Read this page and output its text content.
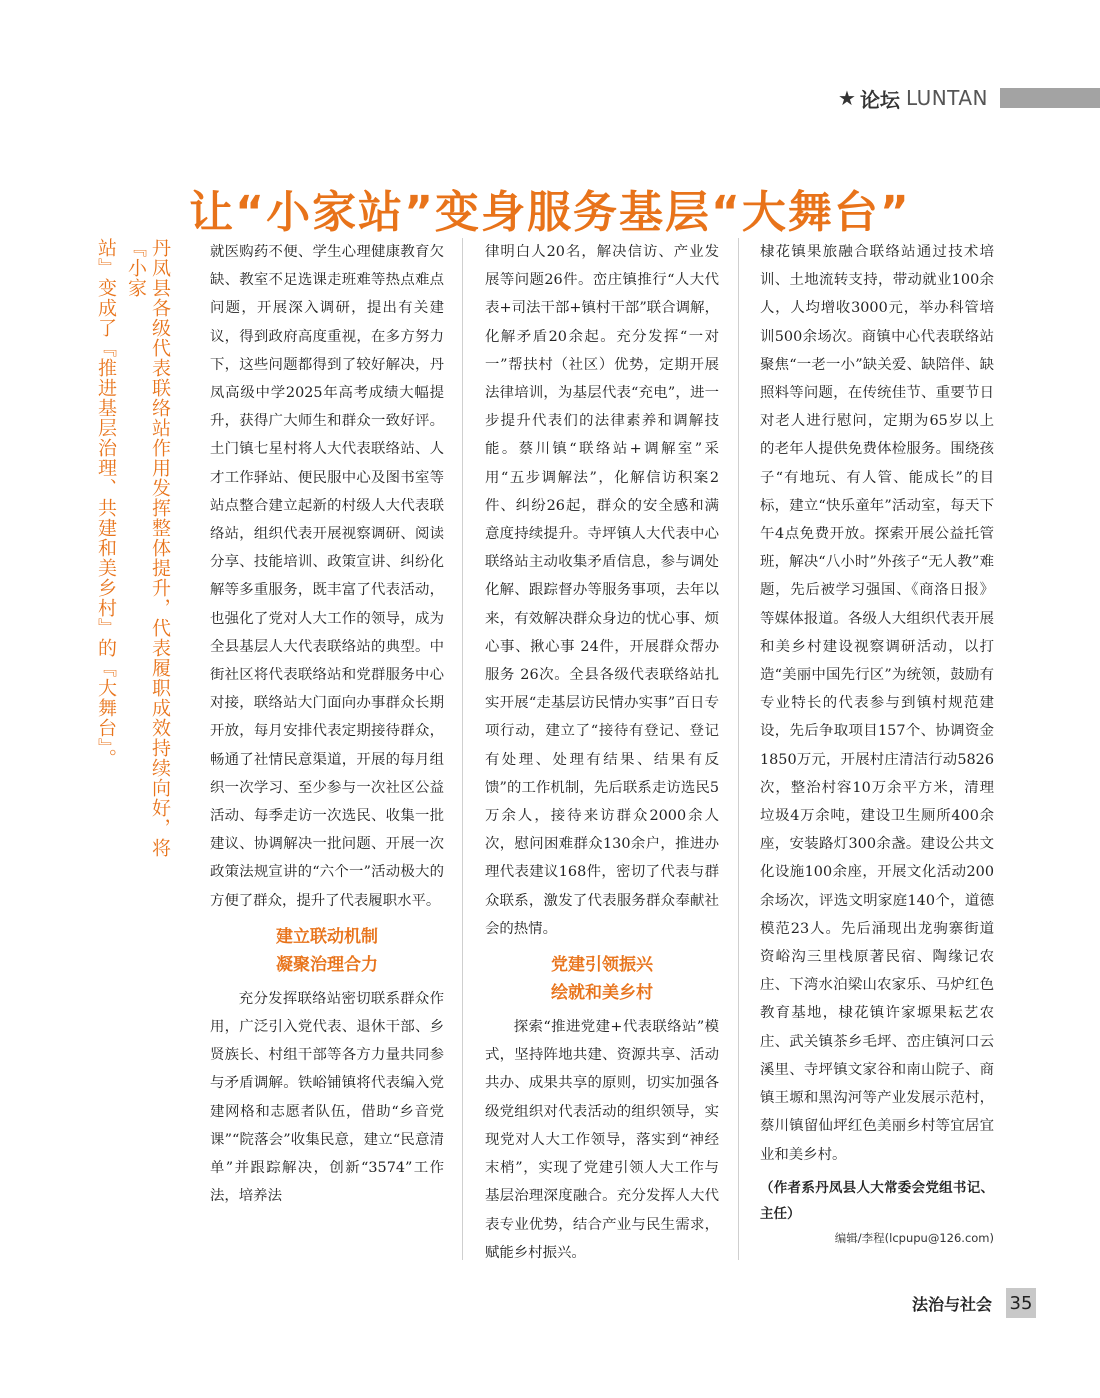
★ 论坛 LUNTAN
让“小家站”变身服务基层“大舞台”
丹凤县各级代表联络站作用发挥整体提升，代表履职成效持续向好，将『小家
站』变成了『推进基层治理、共建和美乡村』的『大舞台』。	就医购药不便、学生心理健康教育欠缺、教室不足选课走班难等热点难点问题，开展深入调研，提出有关建议，得到政府高度重视，在多方努力下，这些问题都得到了较好解决，丹凤高级中学2025年高考成绩大幅提升，获得广大师生和群众一致好评。土门镇七星村将人大代表联络站、人才工作驿站、便民服中心及图书室等站点整合建立起新的村级人大代表联络站，组织代表开展视察调研、阅读分享、技能培训、政策宣讲、纠纷化解等多重服务，既丰富了代表活动，也强化了党对人大工作的领导，成为全县基层人大代表联络站的典型。中街社区将代表联络站和党群服务中心对接，联络站大门面向办事群众长期开放，每月安排代表定期接待群众，畅通了社情民意渠道，开展的每月组织一次学习、至少参与一次社区公益活动、每季走访一次选民、收集一批建议、协调解决一批问题、开展一次政策法规宣讲的“六个一”活动极大的方便了群众，提升了代表履职水平。

建立联动机制
凝聚治理合力

充分发挥联络站密切联系群众作用，广泛引入党代表、退休干部、乡贤族长、村组干部等各方力量共同参与矛盾调解。铁峪铺镇将代表编入党建网格和志愿者队伍，借助“乡音党课”“院落会”收集民意，建立“民意清单”并跟踪解决，创新“3574”工作法，培养法

律明白人20名，解决信访、产业发展等问题26件。峦庄镇推行“人大代表+司法干部+镇村干部”联合调解，化解矛盾20余起。充分发挥“一对一”帮扶村（社区）优势，定期开展法律培训，为基层代表“充电”，进一步提升代表们的法律素养和调解技能。蔡川镇“联络站+调解室”采用“五步调解法”，化解信访积案2件、纠纷26起，群众的安全感和满意度持续提升。寺坪镇人大代表中心联络站主动收集矛盾信息，参与调处化解、跟踪督办等服务事项，去年以来，有效解决群众身边的忧心事、烦心事、揪心事 24件，开展群众帮办服务 26次。全县各级代表联络站扎实开展“走基层访民情办实事”百日专项行动，建立了“接待有登记、登记有处理、处理有结果、结果有反馈”的工作机制，先后联系走访选民5万余人，接待来访群众2000余人次，慰问困难群众130余户，推进办理代表建议168件，密切了代表与群众联系，激发了代表服务群众奉献社会的热情。

党建引领振兴
绘就和美乡村

探索“推进党建+代表联络站”模式，坚持阵地共建、资源共享、活动共办、成果共享的原则，切实加强各级党组织对代表活动的组织领导，实现党对人大工作领导，落实到“神经末梢”，实现了党建引领人大工作与基层治理深度融合。充分发挥人大代表专业优势，结合产业与民生需求，赋能乡村振兴。

棣花镇果旅融合联络站通过技术培训、土地流转支持，带动就业100余人，人均增收3000元，举办科管培训500余场次。商镇中心代表联络站聚焦“一老一小”缺关爱、缺陪伴、缺照料等问题，在传统佳节、重要节日对老人进行慰问，定期为65岁以上的老年人提供免费体检服务。围绕孩子“有地玩、有人管、能成长”的目标，建立“快乐童年”活动室，每天下午4点免费开放。探索开展公益托管班，解决“八小时”外孩子“无人教”难题，先后被学习强国、《商洛日报》等媒体报道。各级人大组织代表开展和美乡村建设视察调研活动，以打造“美丽中国先行区”为统领，鼓励有专业特长的代表参与到镇村规范建设，先后争取项目157个、协调资金1850万元，开展村庄清洁行动5826次，整治村容10万余平方米，清理垃圾4万余吨，建设卫生厕所400余座，安装路灯300余盏。建设公共文化设施100余座，开展文化活动200余场次，评选文明家庭140个，道德模范23人。先后涌现出龙驹寨街道资峪沟三里栈原著民宿、陶缘记农庄、下湾水泊梁山农家乐、马炉红色教育基地，棣花镇许家塬果耘艺农庄、武关镇茶乡毛坪、峦庄镇河口云溪里、寺坪镇文家谷和南山院子、商镇王塬和黑沟河等产业发展示范村，蔡川镇留仙坪红色美丽乡村等宜居宜业和美乡村。

（作者系丹凤县人大常委会党组书记、主任）
编辑/李程(lcpupu@126.com)
法治与社会 35
